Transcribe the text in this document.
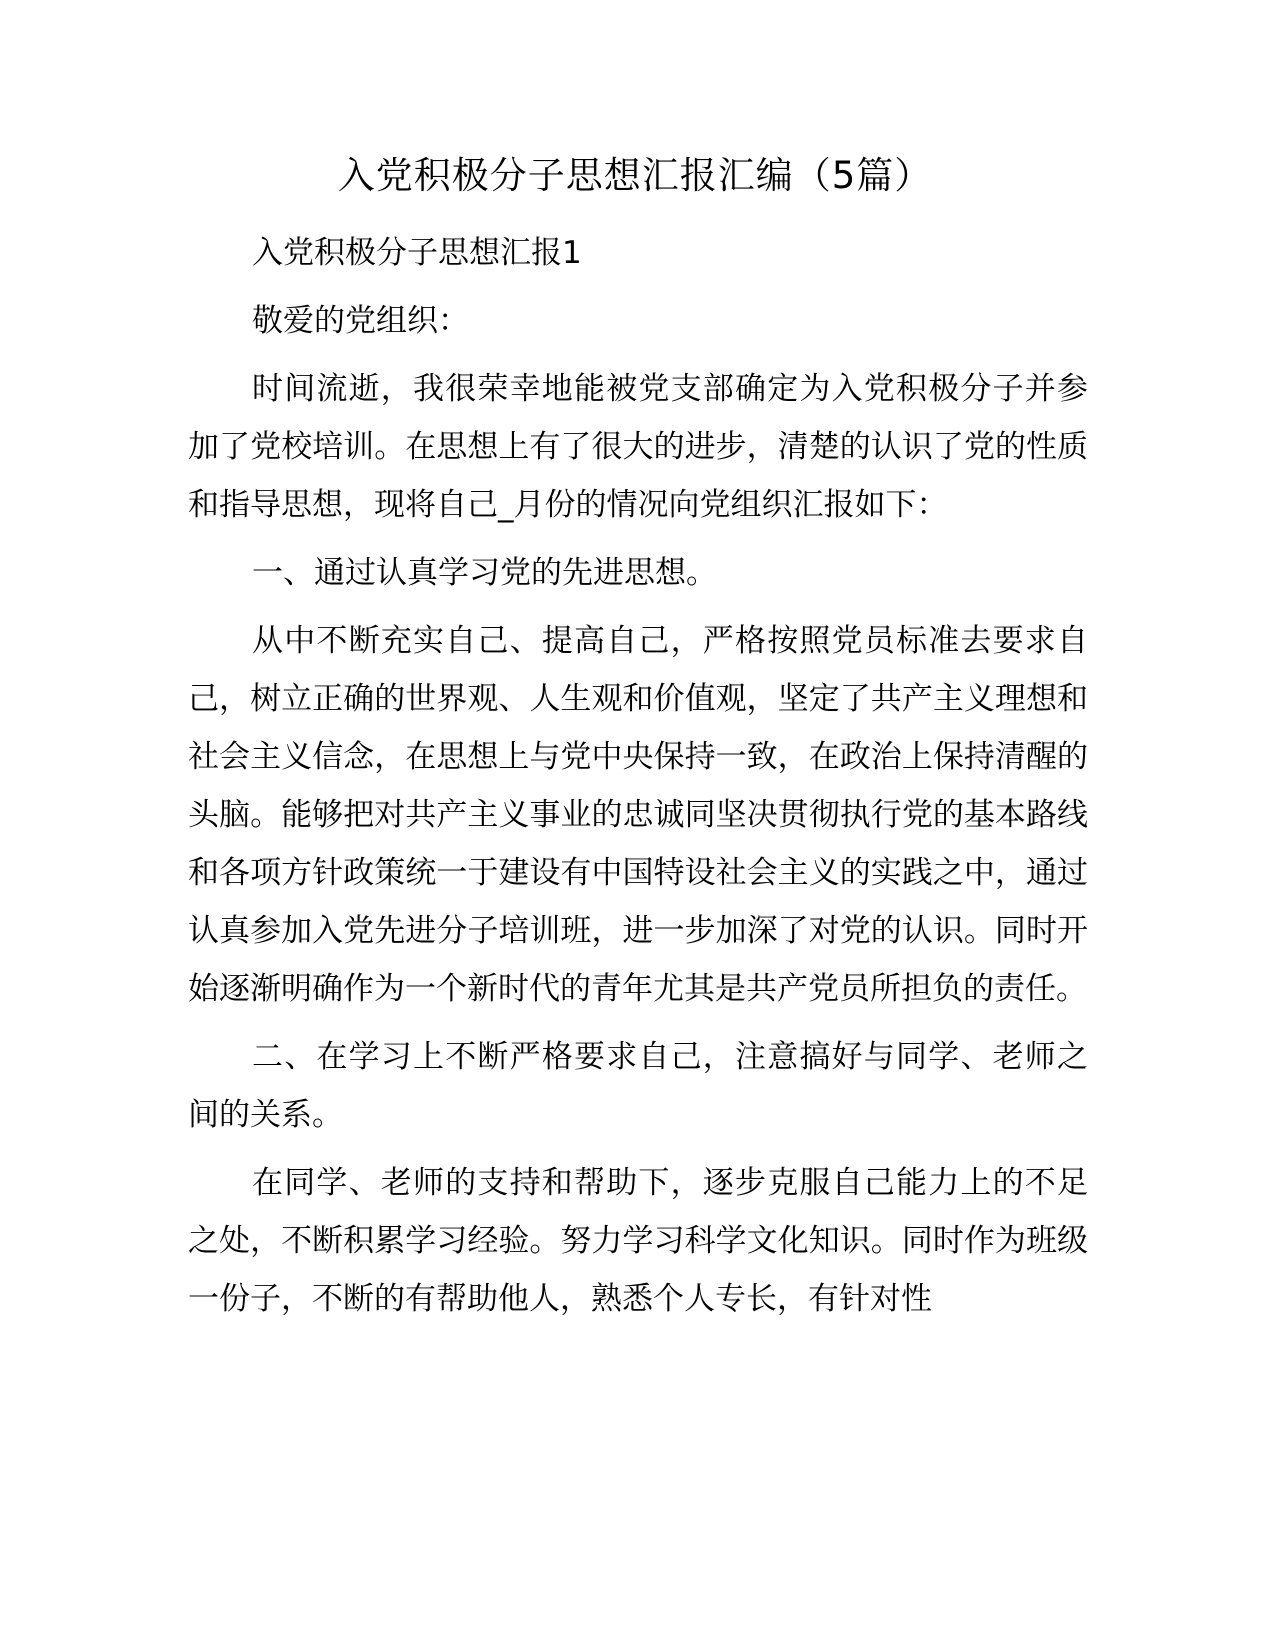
入党积极分子思想汇报汇编（5篇）

入党积极分子思想汇报1

敬爱的党组织：

时间流逝，我很荣幸地能被党支部确定为入党积极分子并参加了党校培训。在思想上有了很大的进步，清楚的认识了党的性质和指导思想，现将自己_月份的情况向党组织汇报如下：

一、通过认真学习党的先进思想。

从中不断充实自己、提高自己，严格按照党员标准去要求自己，树立正确的世界观、人生观和价值观，坚定了共产主义理想和社会主义信念，在思想上与党中央保持一致，在政治上保持清醒的头脑。能够把对共产主义事业的忠诚同坚决贯彻执行党的基本路线和各项方针政策统一于建设有中国特设社会主义的实践之中，通过认真参加入党先进分子培训班，进一步加深了对党的认识。同时开始逐渐明确作为一个新时代的青年尤其是共产党员所担负的责任。

二、在学习上不断严格要求自己，注意搞好与同学、老师之间的关系。

在同学、老师的支持和帮助下，逐步克服自己能力上的不足之处，不断积累学习经验。努力学习科学文化知识。同时作为班级一份子，不断的有帮助他人，熟悉个人专长，有针对性
